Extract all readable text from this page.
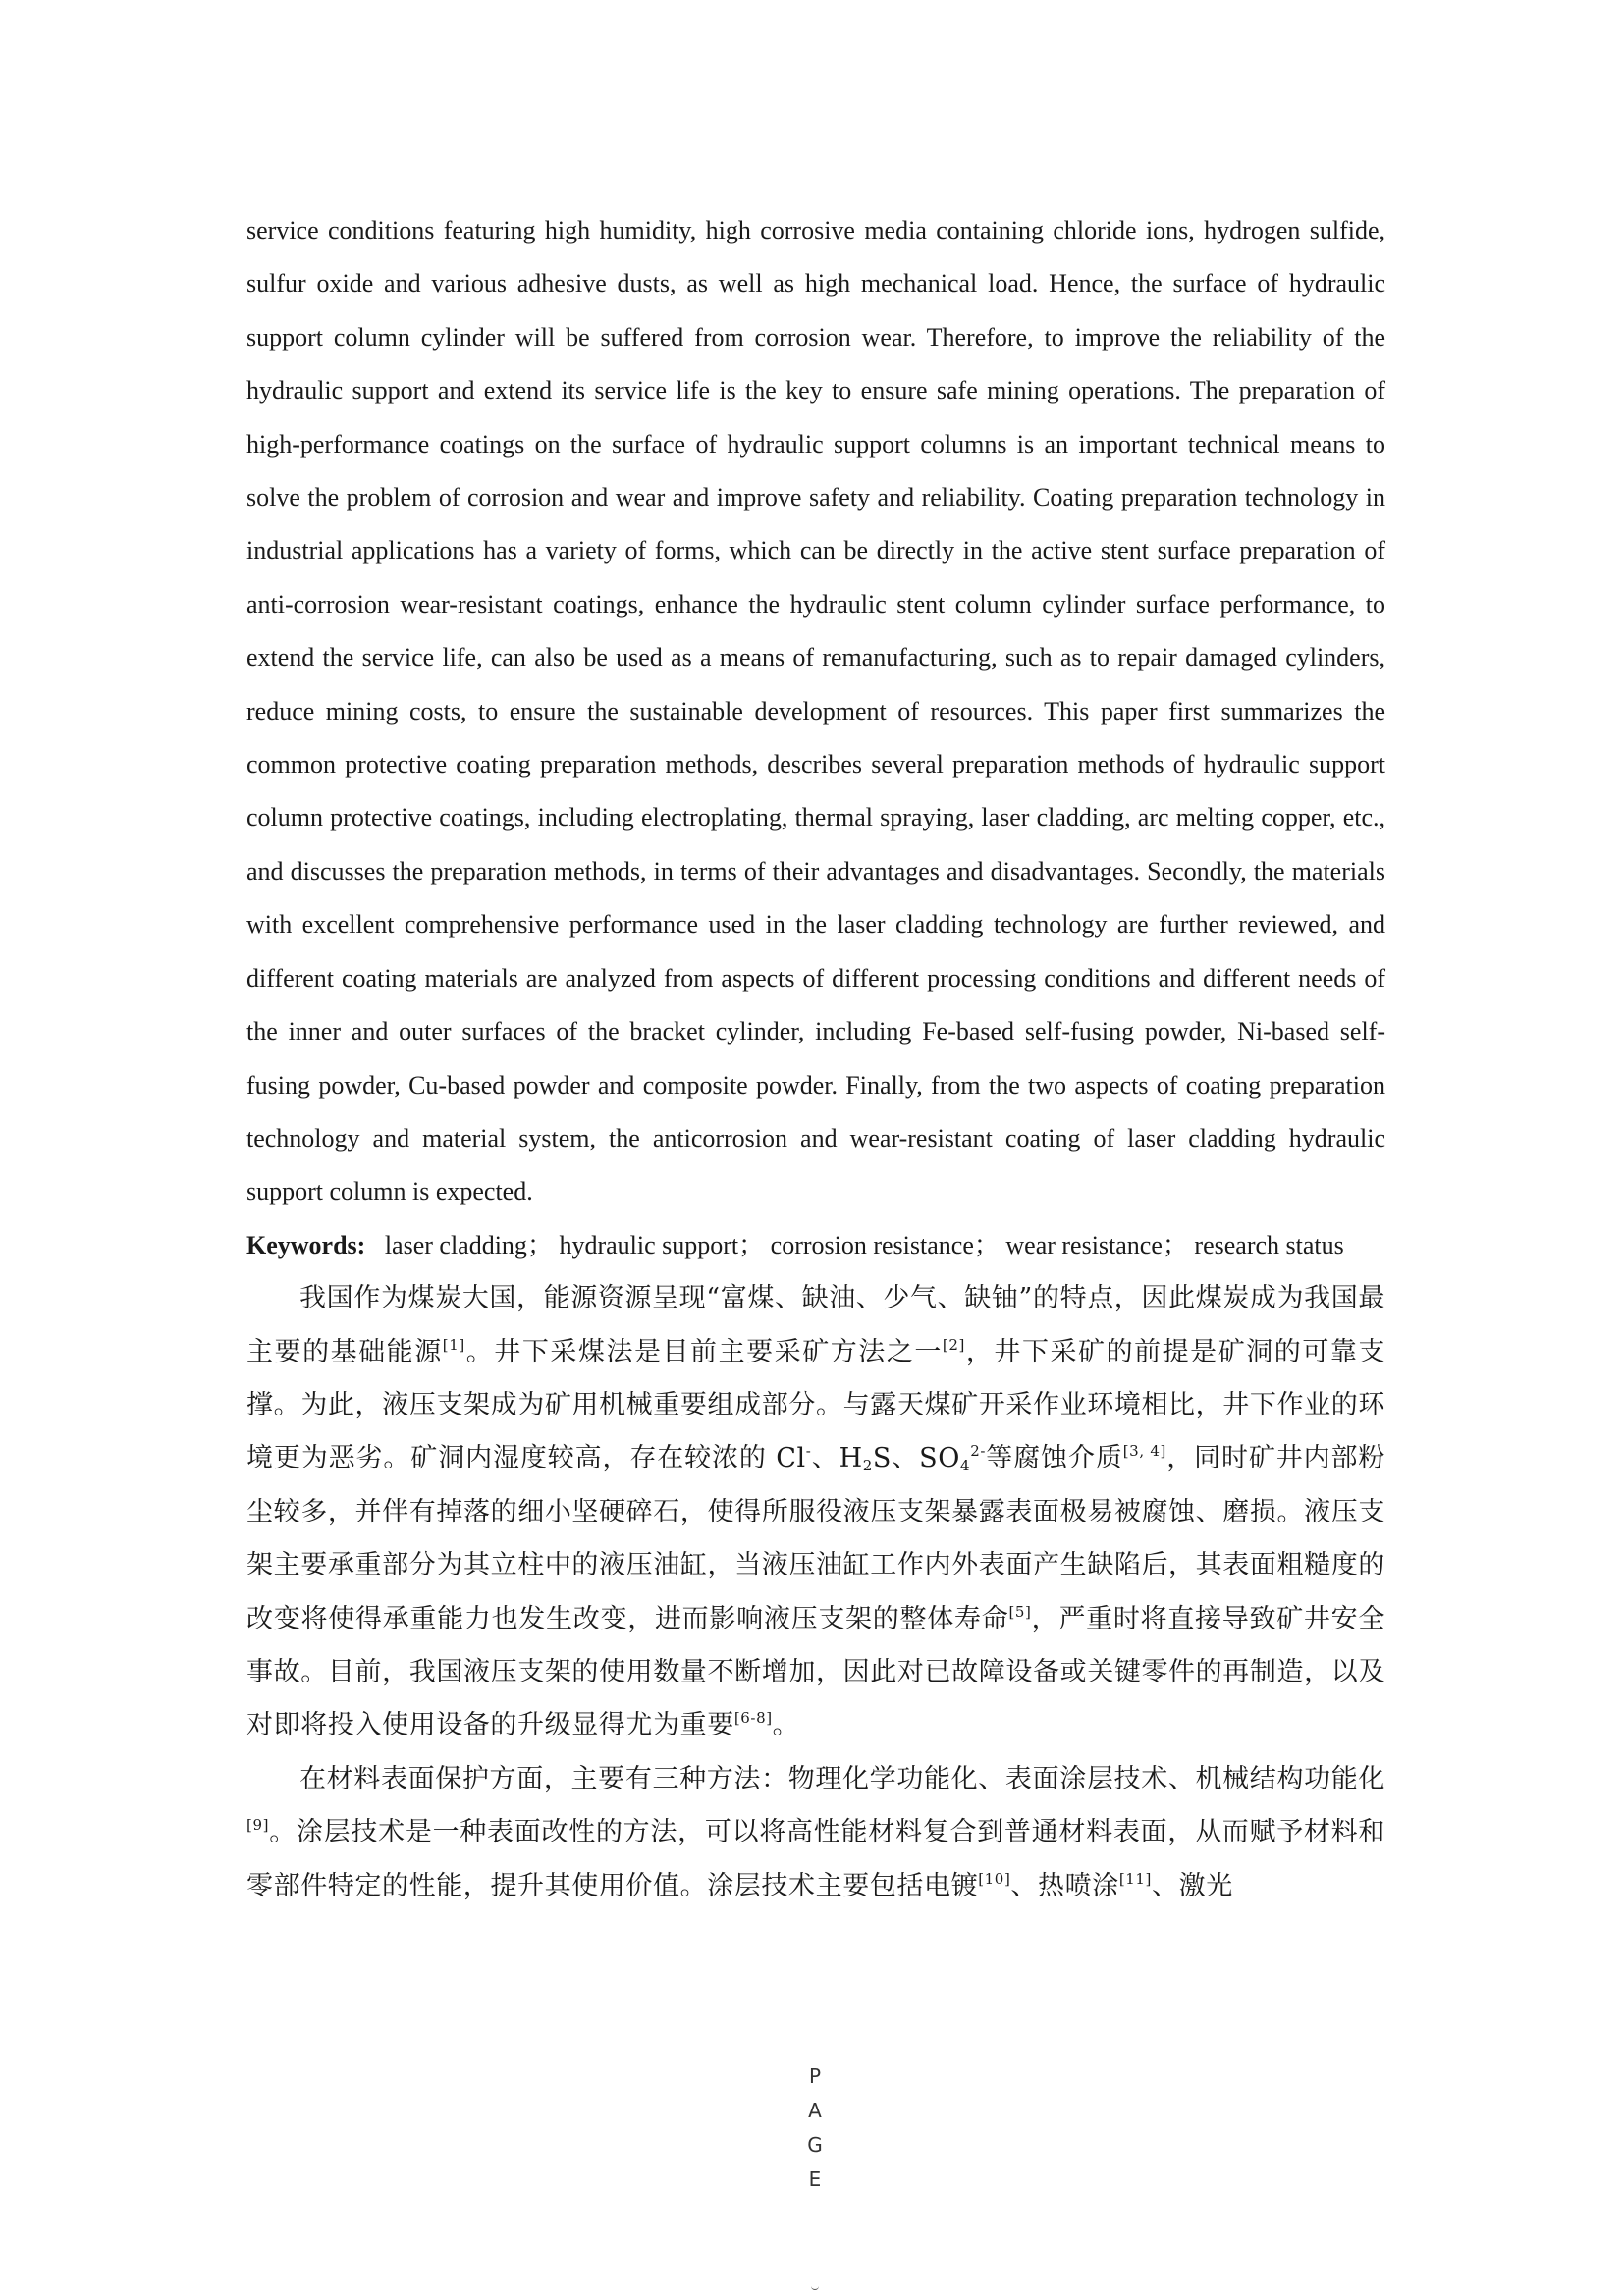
service conditions featuring high humidity, high corrosive media containing chloride ions, hydrogen sulfide, sulfur oxide and various adhesive dusts, as well as high mechanical load. Hence, the surface of hydraulic support column cylinder will be suffered from corrosion wear. Therefore, to improve the reliability of the hydraulic support and extend its service life is the key to ensure safe mining operations. The preparation of high-performance coatings on the surface of hydraulic support columns is an important technical means to solve the problem of corrosion and wear and improve safety and reliability. Coating preparation technology in industrial applications has a variety of forms, which can be directly in the active stent surface preparation of anti-corrosion wear-resistant coatings, enhance the hydraulic stent column cylinder surface performance, to extend the service life, can also be used as a means of remanufacturing, such as to repair damaged cylinders, reduce mining costs, to ensure the sustainable development of resources. This paper first summarizes the common protective coating preparation methods, describes several preparation methods of hydraulic support column protective coatings, including electroplating, thermal spraying, laser cladding, arc melting copper, etc., and discusses the preparation methods, in terms of their advantages and disadvantages. Secondly, the materials with excellent comprehensive performance used in the laser cladding technology are further reviewed, and different coating materials are analyzed from aspects of different processing conditions and different needs of the inner and outer surfaces of the bracket cylinder, including Fe-based self-fusing powder, Ni-based self-fusing powder, Cu-based powder and composite powder. Finally, from the two aspects of coating preparation technology and material system, the anticorrosion and wear-resistant coating of laser cladding hydraulic support column is expected.

Keywords: laser cladding； hydraulic support； corrosion resistance； wear resistance； research status

我国作为煤炭大国，能源资源呈现“富煤、缺油、少气、缺铀”的特点，因此煤炭成为我国最主要的基础能源[1]。井下采煤法是目前主要采矿方法之一[2]，井下采矿的前提是矿洞的可靠支撑。为此，液压支架成为矿用机械重要组成部分。与露天煤矿开采作业环境相比，井下作业的环境更为恶劣。矿洞内湿度较高，存在较浓的 Cl-、$H_2S$、$SO_4^{2-}$等腐蚀介质[3, 4]，同时矿井内部粉尘较多，并伴有掉落的细小坚硬碎石，使得所服役液压支架暴露表面极易被腐蚀、磨损。液压支架主要承重部分为其立柱中的液压油缸，当液压油缸工作内外表面产生缺陷后，其表面粗糙度的改变将使得承重能力也发生改变，进而影响液压支架的整体寿命[5]，严重时将直接导致矿井安全事故。目前，我国液压支架的使用数量不断增加，因此对已故障设备或关键零件的再制造，以及对即将投入使用设备的升级显得尤为重要[6-8]。

在材料表面保护方面，主要有三种方法：物理化学功能化、表面涂层技术、机械结构功能化[9]。涂层技术是一种表面改性的方法，可以将高性能材料复合到普通材料表面，从而赋予材料和零部件特定的性能，提升其使用价值。涂层技术主要包括电镀[10]、热喷涂[11]、激光

P
A
G
E
